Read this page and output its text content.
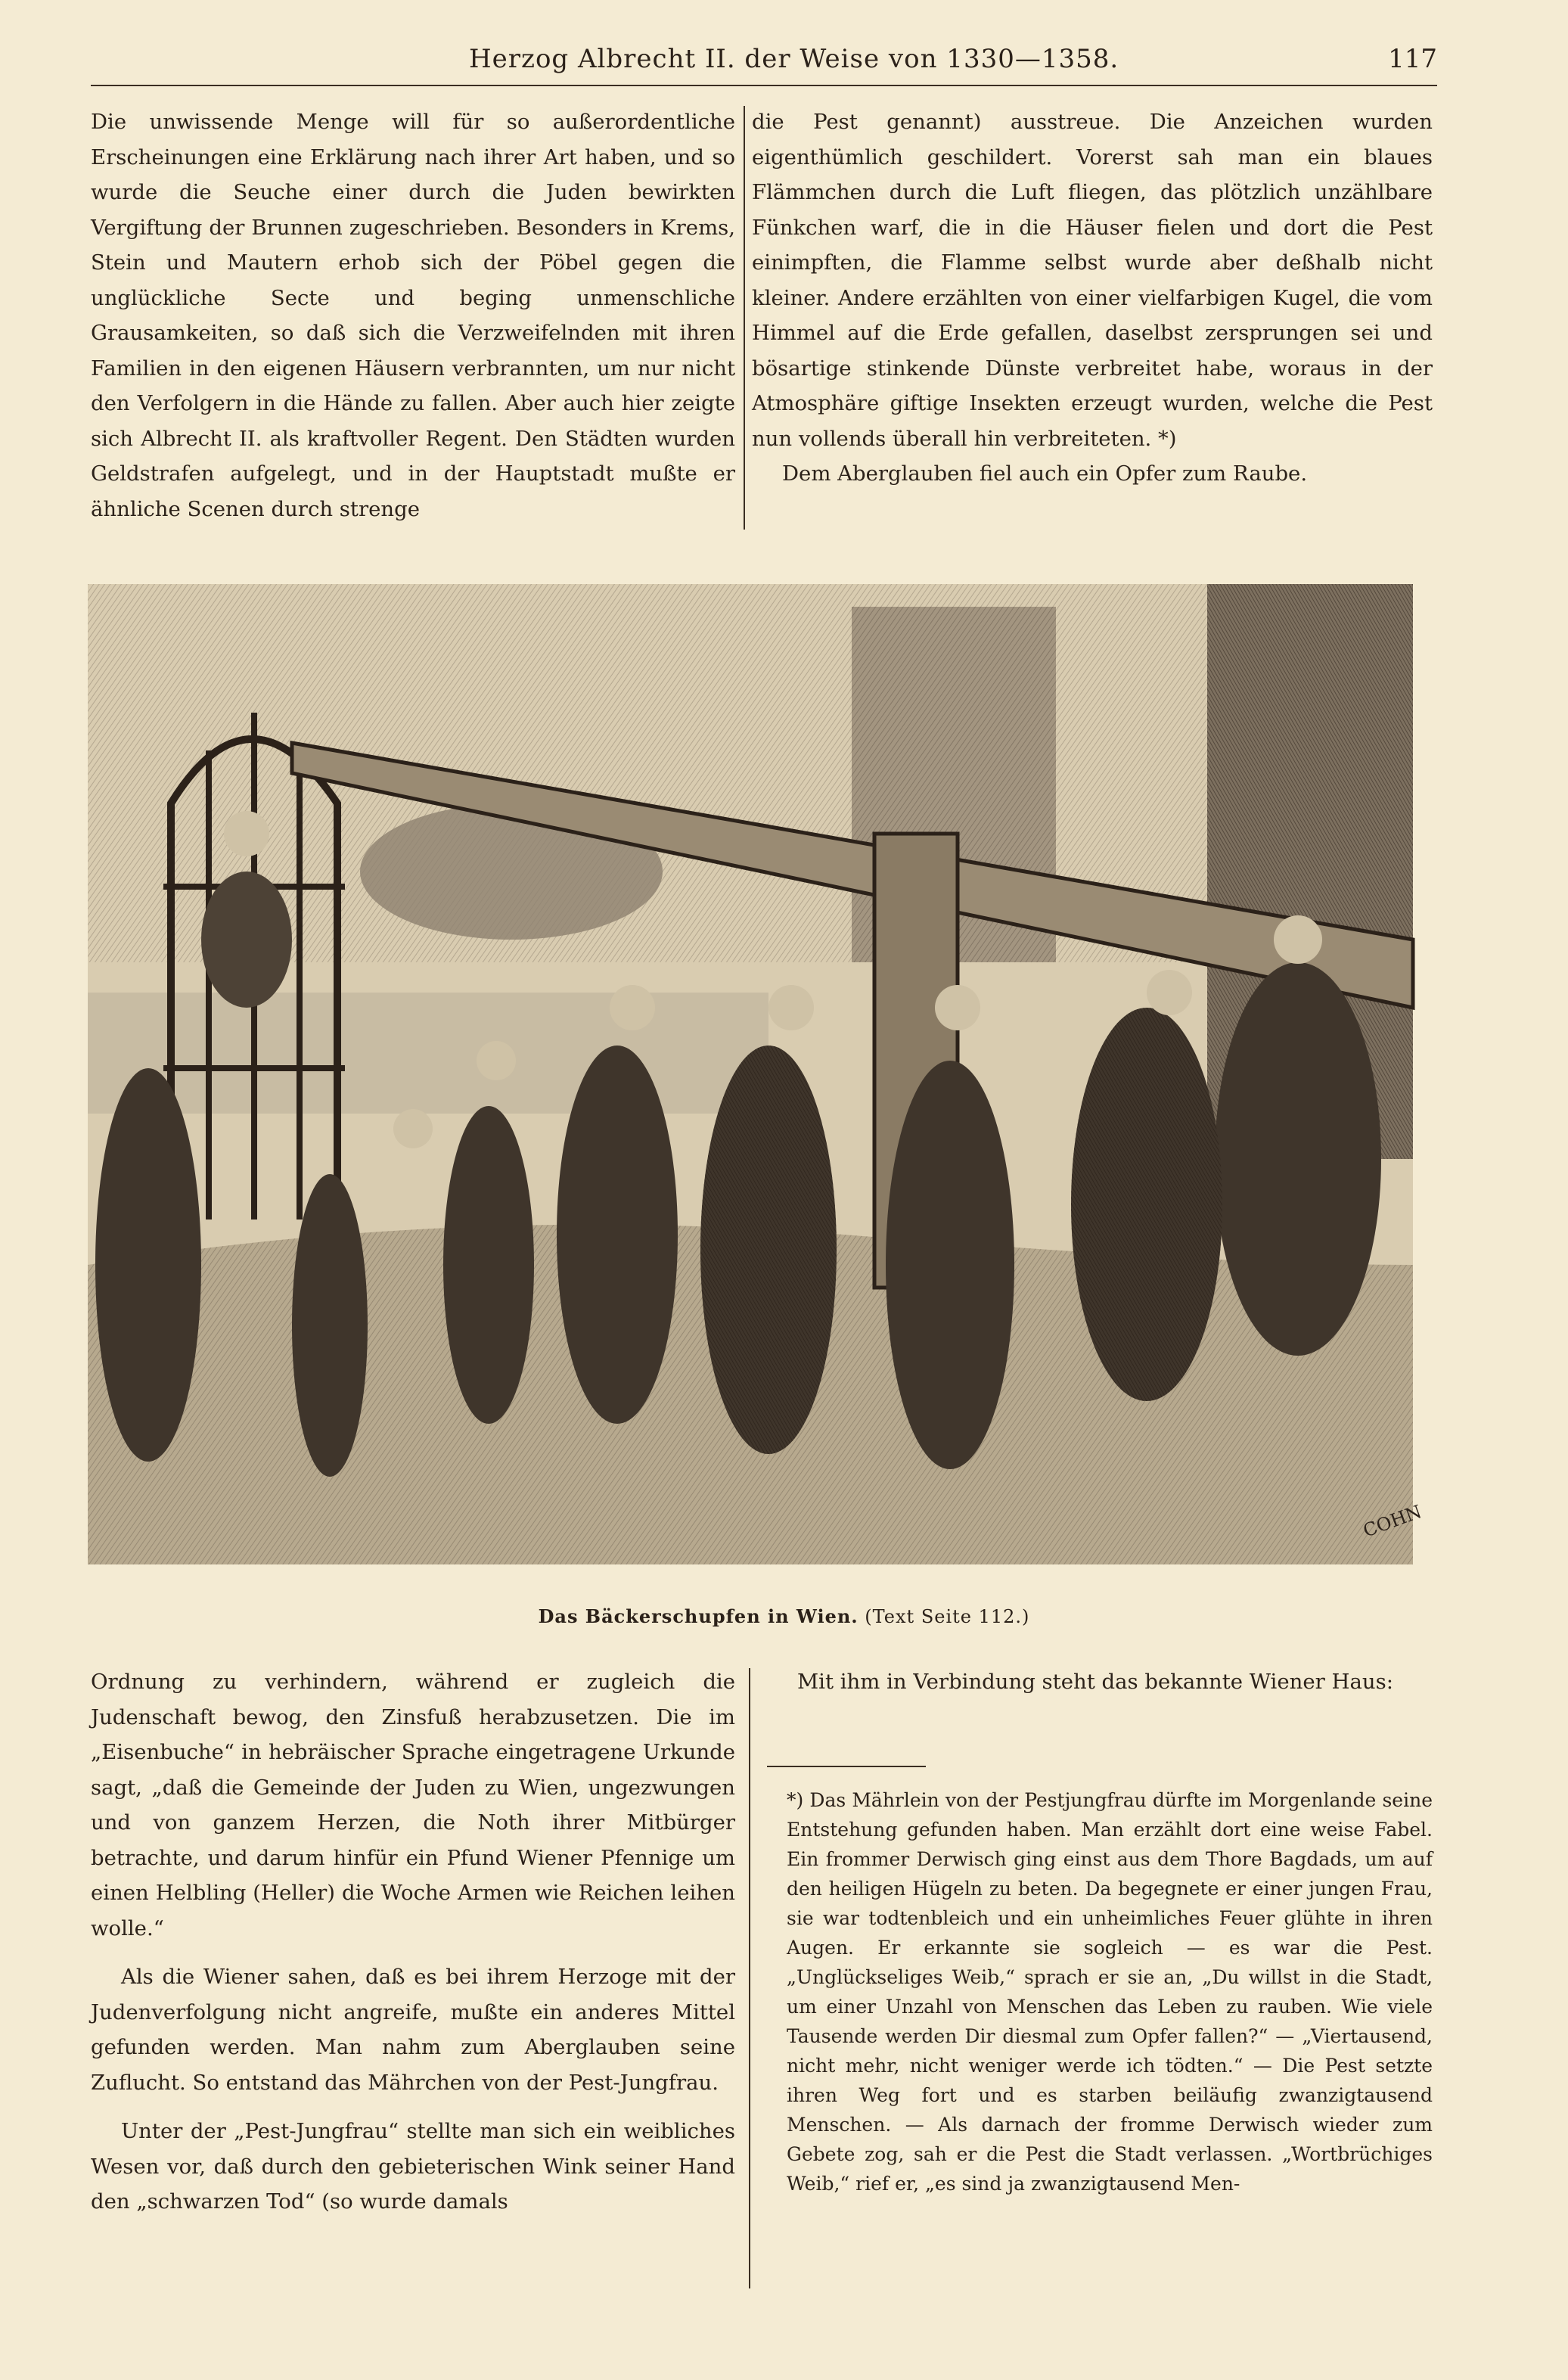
Herzog Albrecht II. der Weise von 1330—1358.	117

Die unwissende Menge will für so außerordentliche Erscheinungen eine Erklärung nach ihrer Art haben, und so wurde die Seuche einer durch die Juden bewirkten Vergiftung der Brunnen zugeschrieben. Besonders in Krems, Stein und Mautern erhob sich der Pöbel gegen die unglückliche Secte und beging unmenschliche Grausamkeiten, so daß sich die Verzweifelnden mit ihren Familien in den eigenen Häusern verbrannten, um nur nicht den Verfolgern in die Hände zu fallen. Aber auch hier zeigte sich Albrecht II. als kraftvoller Regent. Den Städten wurden Geldstrafen aufgelegt, und in der Hauptstadt mußte er ähnliche Scenen durch strenge

die Pest genannt) ausstreue. Die Anzeichen wurden eigenthümlich geschildert. Vorerst sah man ein blaues Flämmchen durch die Luft fliegen, das plötzlich unzählbare Fünkchen warf, die in die Häuser fielen und dort die Pest einimpften, die Flamme selbst wurde aber deßhalb nicht kleiner. Andere erzählten von einer vielfarbigen Kugel, die vom Himmel auf die Erde gefallen, daselbst zersprungen sei und bösartige stinkende Dünste verbreitet habe, woraus in der Atmosphäre giftige Insekten erzeugt wurden, welche die Pest nun vollends überall hin verbreiteten. *)

Dem Aberglauben fiel auch ein Opfer zum Raube.

COHN
Das Bäckerschupfen in Wien. (Text Seite 112.)

Ordnung zu verhindern, während er zugleich die Judenschaft bewog, den Zinsfuß herabzusetzen. Die im „Eisenbuche“ in hebräischer Sprache eingetragene Urkunde sagt, „daß die Gemeinde der Juden zu Wien, ungezwungen und von ganzem Herzen, die Noth ihrer Mitbürger betrachte, und darum hinfür ein Pfund Wiener Pfennige um einen Helbling (Heller) die Woche Armen wie Reichen leihen wolle.“

Als die Wiener sahen, daß es bei ihrem Herzoge mit der Judenverfolgung nicht angreife, mußte ein anderes Mittel gefunden werden. Man nahm zum Aberglauben seine Zuflucht. So entstand das Mährchen von der Pest-Jungfrau.

Unter der „Pest-Jungfrau“ stellte man sich ein weibliches Wesen vor, daß durch den gebieterischen Wink seiner Hand den „schwarzen Tod“ (so wurde damals

Mit ihm in Verbindung steht das bekannte Wiener Haus:

*) Das Mährlein von der Pestjungfrau dürfte im Morgenlande seine Entstehung gefunden haben. Man erzählt dort eine weise Fabel. Ein frommer Derwisch ging einst aus dem Thore Bagdads, um auf den heiligen Hügeln zu beten. Da begegnete er einer jungen Frau, sie war todtenbleich und ein unheimliches Feuer glühte in ihren Augen. Er erkannte sie sogleich — es war die Pest. „Unglückseliges Weib,“ sprach er sie an, „Du willst in die Stadt, um einer Unzahl von Menschen das Leben zu rauben. Wie viele Tausende werden Dir diesmal zum Opfer fallen?“ — „Viertausend, nicht mehr, nicht weniger werde ich tödten.“ — Die Pest setzte ihren Weg fort und es starben beiläufig zwanzigtausend Menschen. — Als darnach der fromme Derwisch wieder zum Gebete zog, sah er die Pest die Stadt verlassen. „Wortbrüchiges Weib,“ rief er, „es sind ja zwanzigtausend Men-
